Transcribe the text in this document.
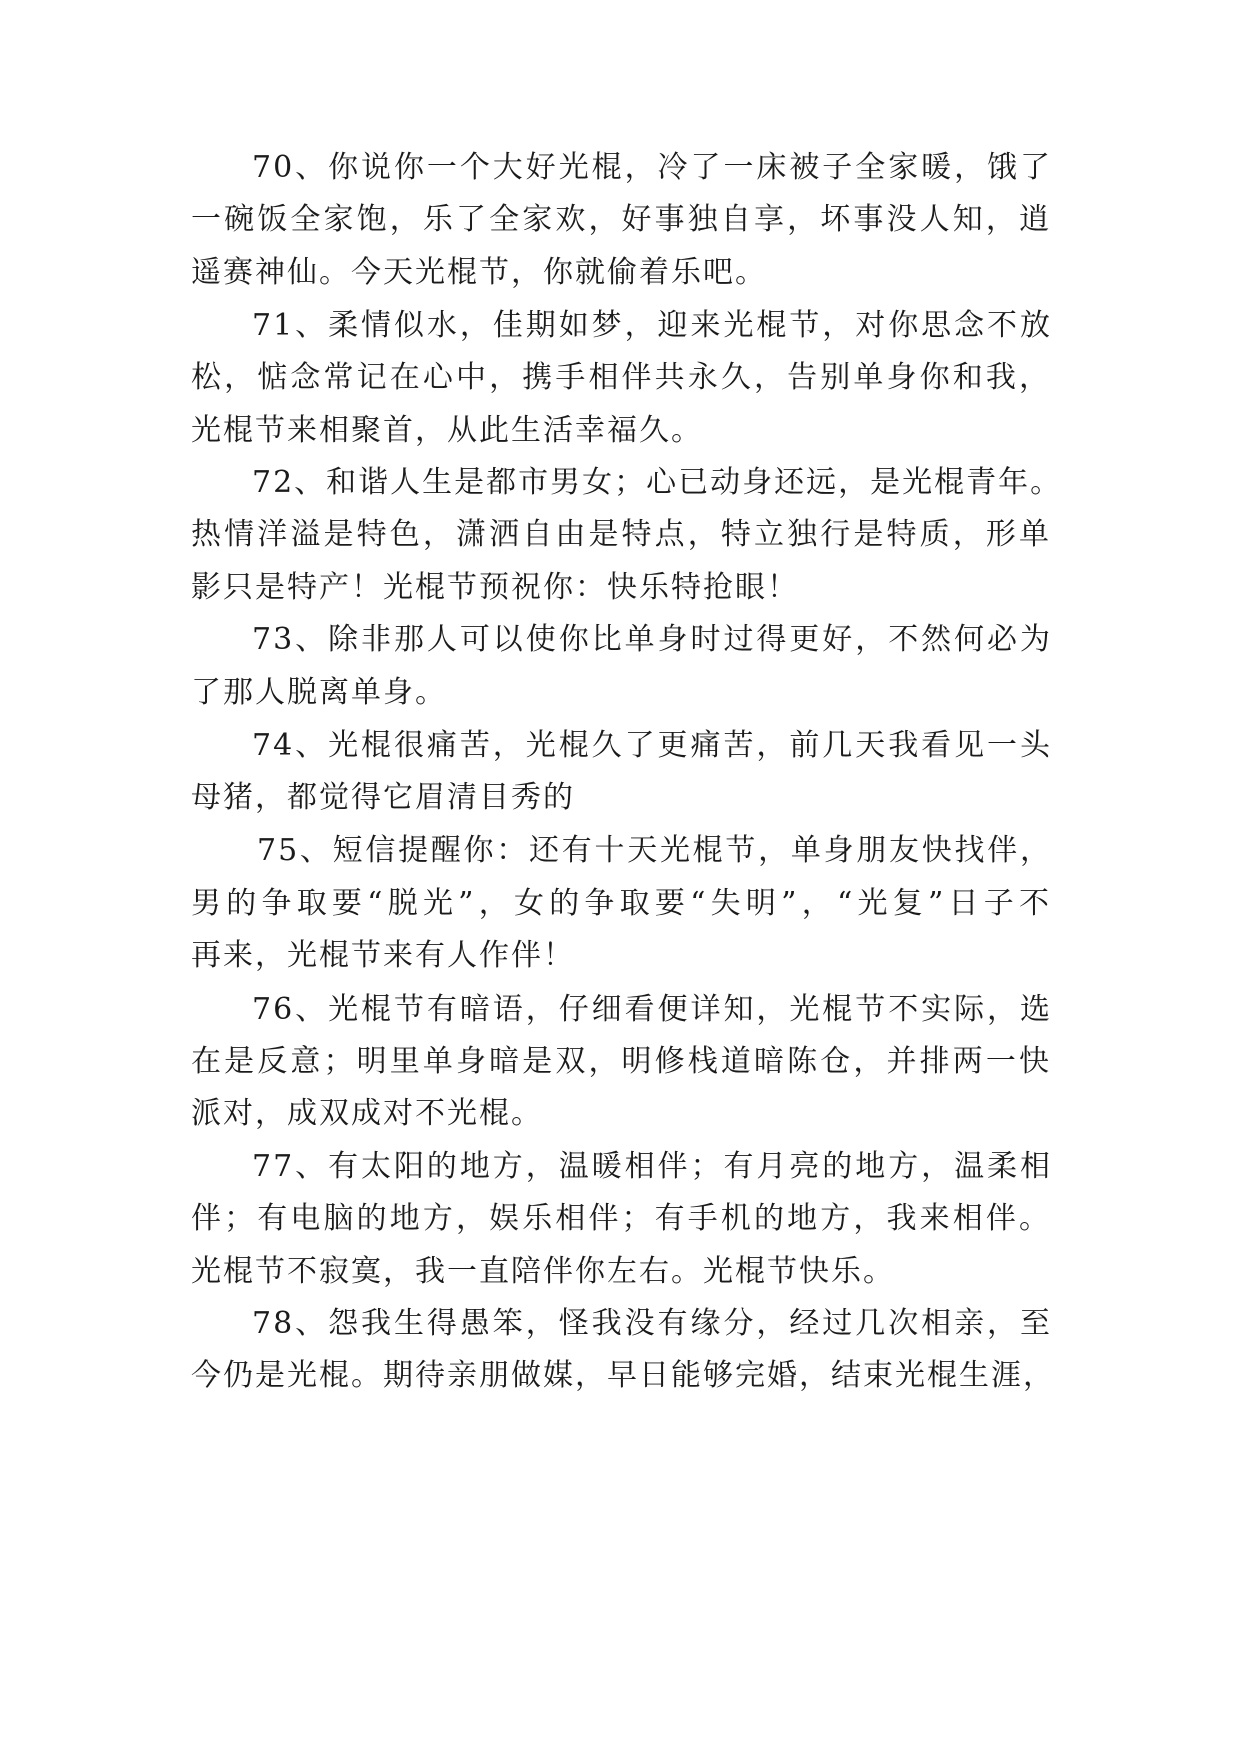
70、你说你一个大好光棍，冷了一床被子全家暖，饿了
一碗饭全家饱，乐了全家欢，好事独自享，坏事没人知，逍
遥赛神仙。今天光棍节，你就偷着乐吧。
71、柔情似水，佳期如梦，迎来光棍节，对你思念不放
松，惦念常记在心中，携手相伴共永久，告别单身你和我，
光棍节来相聚首，从此生活幸福久。
72、和谐人生是都市男女；心已动身还远，是光棍青年。
热情洋溢是特色，潇洒自由是特点，特立独行是特质，形单
影只是特产！光棍节预祝你：快乐特抢眼！
73、除非那人可以使你比单身时过得更好，不然何必为
了那人脱离单身。
74、光棍很痛苦，光棍久了更痛苦，前几天我看见一头
母猪，都觉得它眉清目秀的
75、短信提醒你：还有十天光棍节，单身朋友快找伴，
男的争取要“脱光”，女的争取要“失明”，“光复”日子不
再来，光棍节来有人作伴！
76、光棍节有暗语，仔细看便详知，光棍节不实际，选
在是反意；明里单身暗是双，明修栈道暗陈仓，并排两一快
派对，成双成对不光棍。
77、有太阳的地方，温暖相伴；有月亮的地方，温柔相
伴；有电脑的地方，娱乐相伴；有手机的地方，我来相伴。
光棍节不寂寞，我一直陪伴你左右。光棍节快乐。
78、怨我生得愚笨，怪我没有缘分，经过几次相亲，至
今仍是光棍。期待亲朋做媒，早日能够完婚，结束光棍生涯，
